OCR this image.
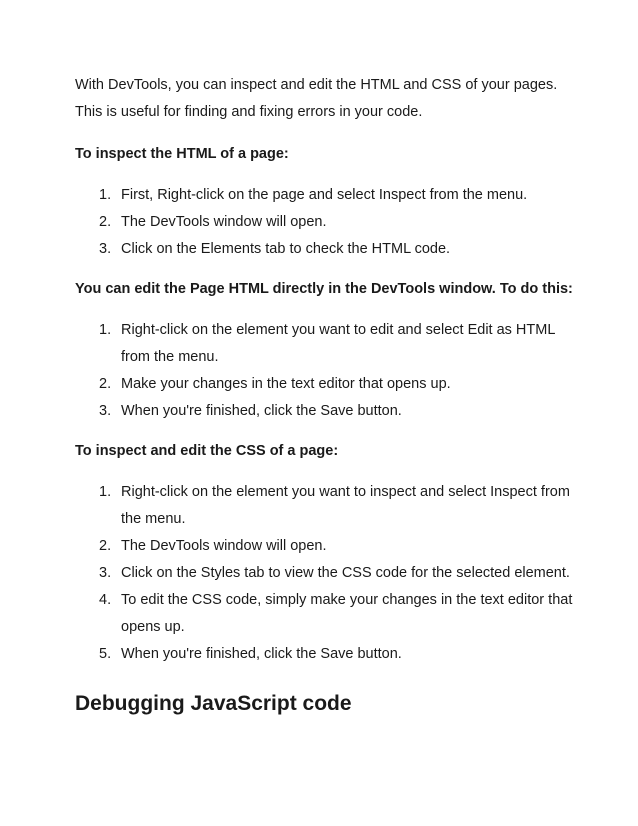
With DevTools, you can inspect and edit the HTML and CSS of your pages.
This is useful for finding and fixing errors in your code.

To inspect the HTML of a page:

1. First, Right-click on the page and select Inspect from the menu.
2. The DevTools window will open.
3. Click on the Elements tab to check the HTML code.

You can edit the Page HTML directly in the DevTools window. To do this:

1. Right-click on the element you want to edit and select Edit as HTML
from the menu.
2. Make your changes in the text editor that opens up.
3. When you're finished, click the Save button.

To inspect and edit the CSS of a page:

1. Right-click on the element you want to inspect and select Inspect from
the menu.
2. The DevTools window will open.
3. Click on the Styles tab to view the CSS code for the selected element.
4. To edit the CSS code, simply make your changes in the text editor that
opens up.
5. When you're finished, click the Save button.
Debugging JavaScript code
